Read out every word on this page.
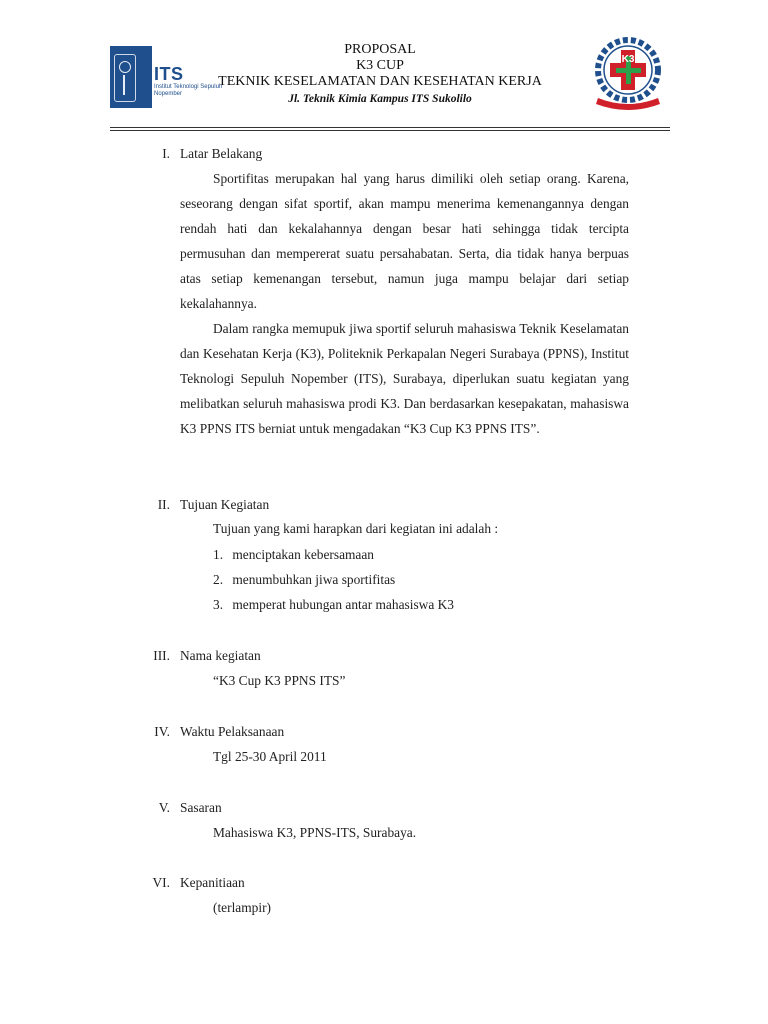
ITS
Institut Teknologi Sepuluh Nopember
PROPOSAL
K3 CUP
TEKNIK KESELAMATAN DAN KESEHATAN KERJA
Jl. Teknik Kimia Kampus ITS Sukolilo
K3
I. Latar Belakang

Sportifitas merupakan hal yang harus dimiliki oleh setiap orang. Karena, seseorang dengan sifat sportif, akan mampu menerima kemenangannya dengan rendah hati dan kekalahannya dengan besar hati sehingga tidak tercipta permusuhan dan mempererat suatu persahabatan. Serta, dia tidak hanya berpuas atas setiap kemenangan tersebut, namun juga mampu belajar dari setiap kekalahannya.

Dalam rangka memupuk jiwa sportif seluruh mahasiswa Teknik Keselamatan dan Kesehatan Kerja (K3), Politeknik Perkapalan Negeri Surabaya (PPNS), Institut Teknologi Sepuluh Nopember (ITS), Surabaya, diperlukan suatu kegiatan yang melibatkan seluruh mahasiswa prodi K3. Dan berdasarkan kesepakatan, mahasiswa K3 PPNS ITS berniat untuk mengadakan “K3 Cup K3 PPNS ITS”.

II. Tujuan Kegiatan
Tujuan yang kami harapkan dari kegiatan ini adalah :
1. menciptakan kebersamaan
2. menumbuhkan jiwa sportifitas
3. memperat hubungan antar mahasiswa K3
III. Nama kegiatan
“K3 Cup K3 PPNS ITS”
IV. Waktu Pelaksanaan
Tgl 25-30 April 2011
V. Sasaran
Mahasiswa K3, PPNS-ITS, Surabaya.
VI. Kepanitiaan
(terlampir)
